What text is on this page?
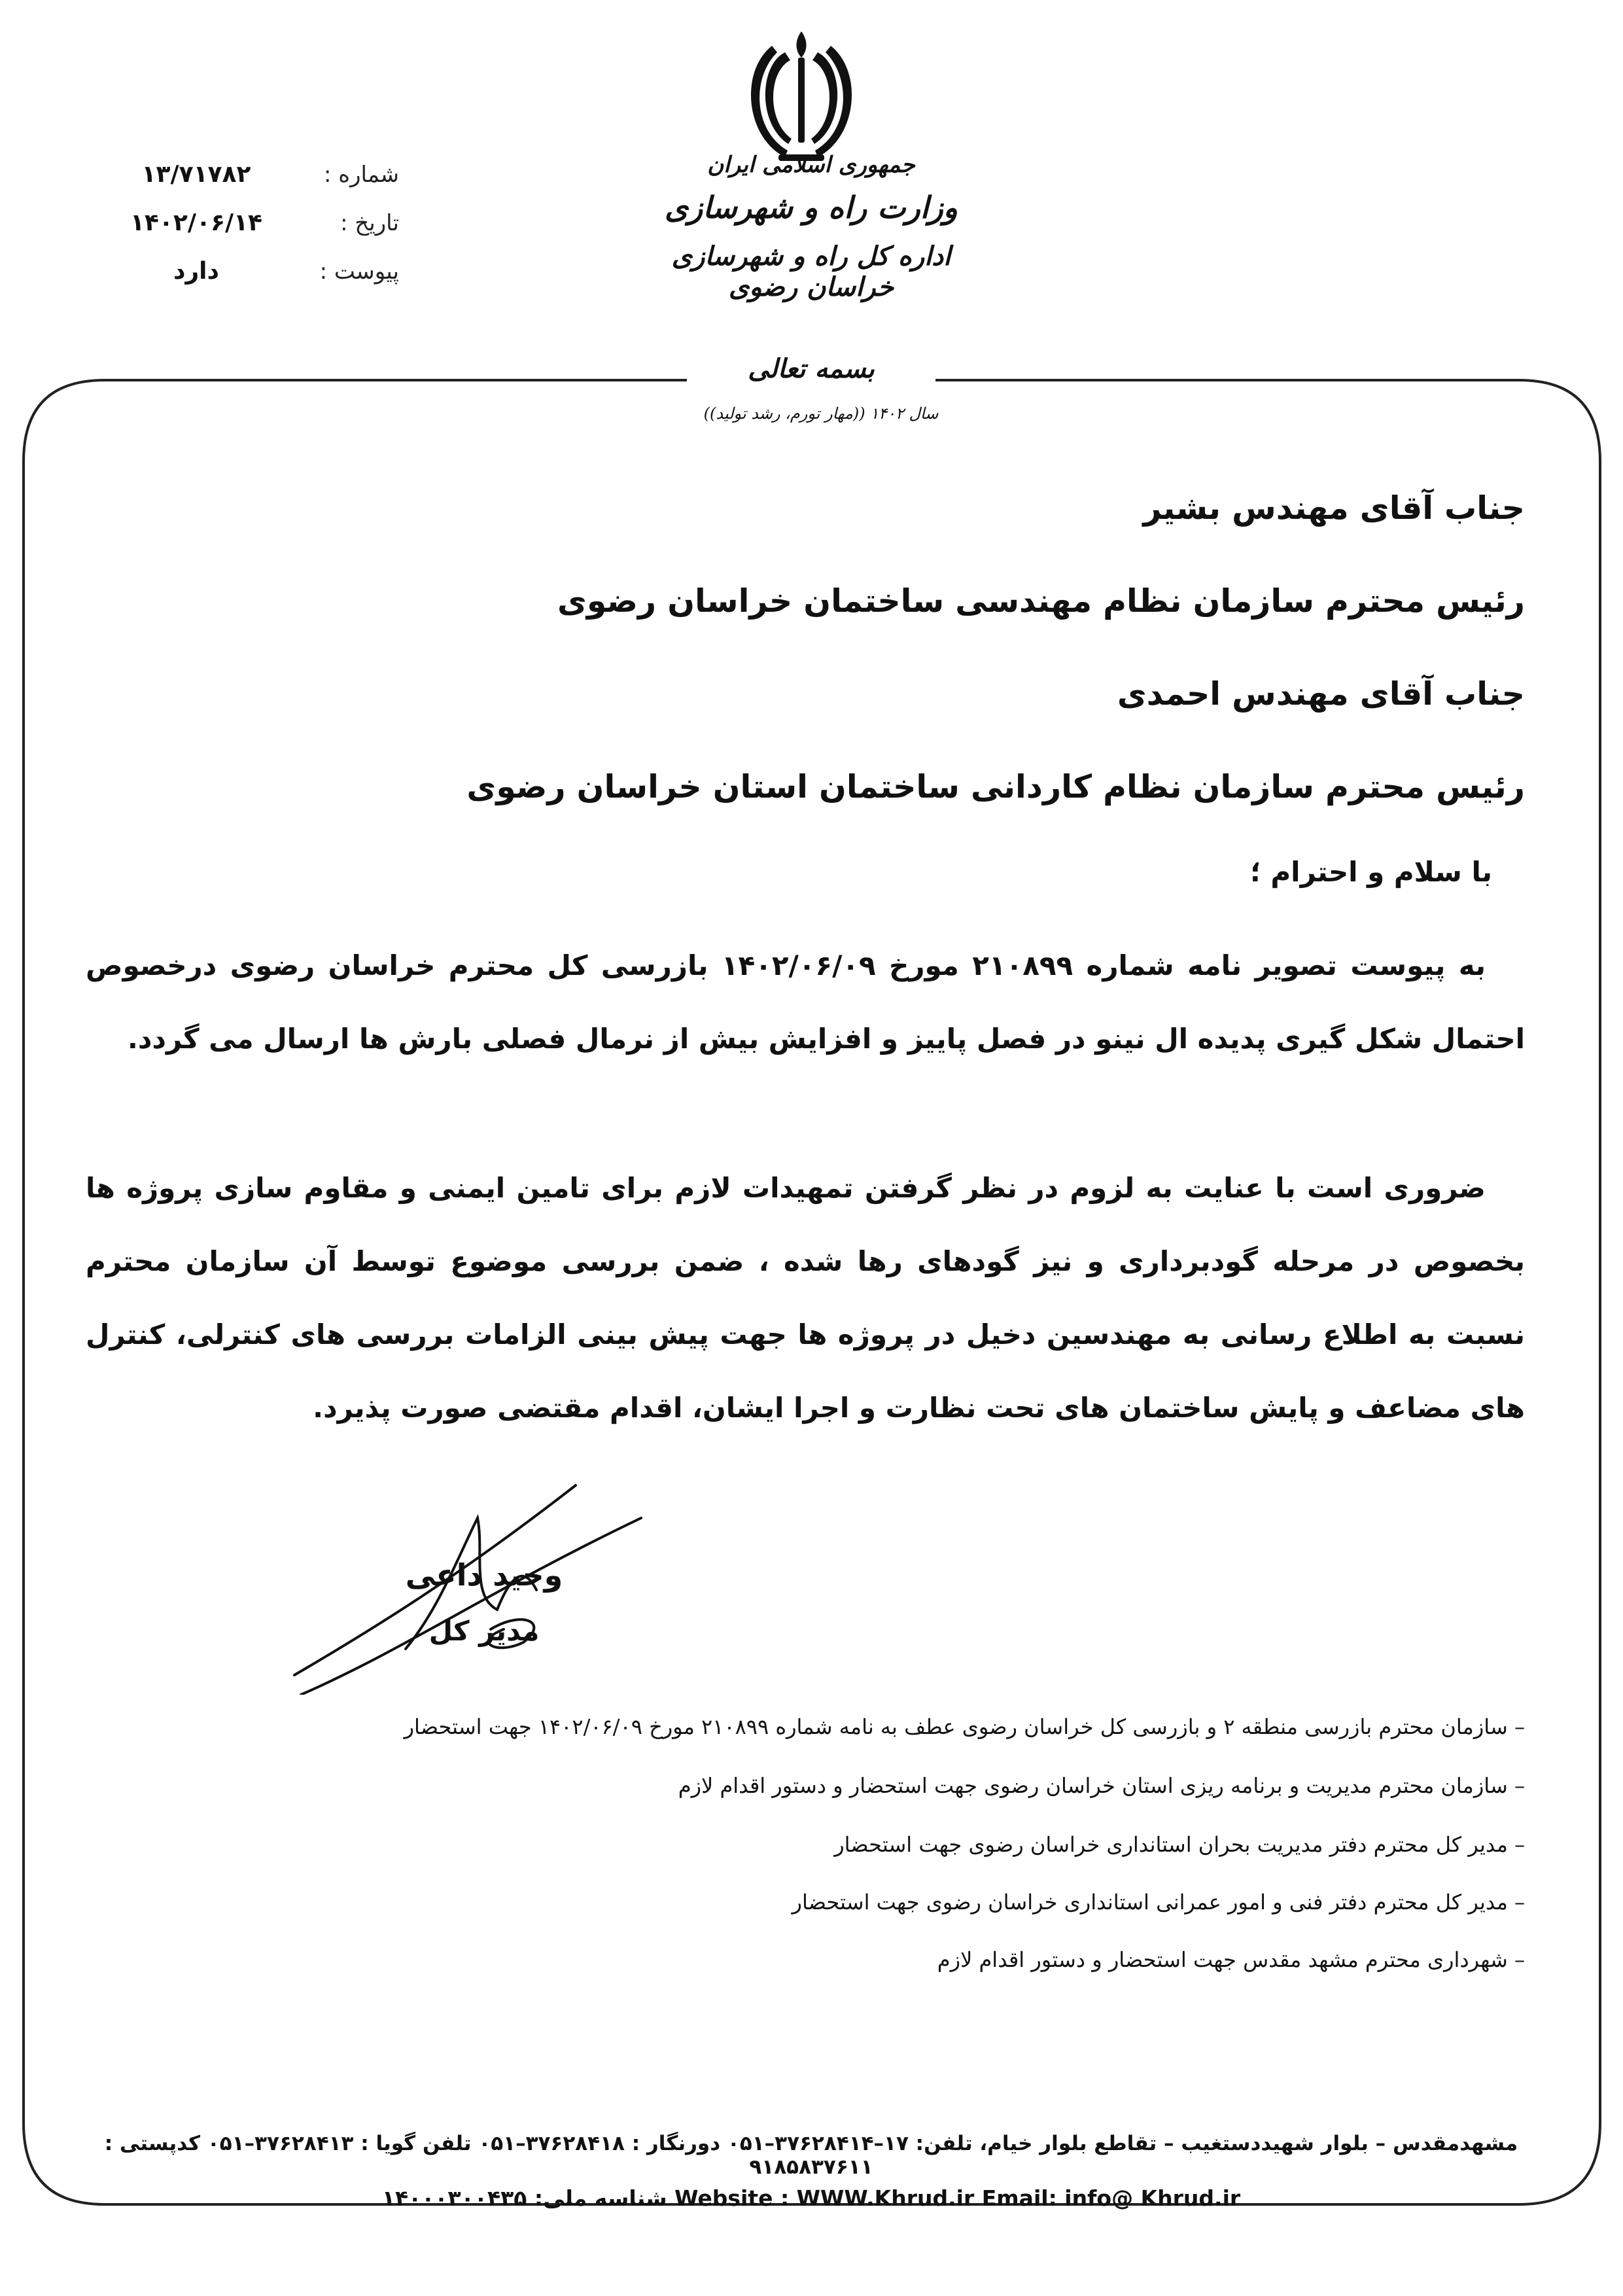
شماره :
۱۳/۷۱۷۸۲
تاریخ :
۱۴۰۲/۰۶/۱۴
پیوست :
دارد
جمهوری اسلامی ایران
وزارت راه و شهرسازی
اداره کل راه و شهرسازی خراسان رضوی
بسمه تعالی
سال ۱۴۰۲ ((مهار تورم، رشد تولید))
جناب آقای مهندس بشیر
رئیس محترم سازمان نظام مهندسی ساختمان خراسان رضوی
جناب آقای مهندس احمدی
رئیس محترم سازمان نظام کاردانی ساختمان استان خراسان رضوی
با سلام و احترام ؛
به پیوست تصویر نامه شماره ۲۱۰۸۹۹ مورخ ۱۴۰۲/۰۶/۰۹ بازرسی کل محترم خراسان رضوی درخصوص احتمال شکل گیری پدیده ال نینو در فصل پاییز و افزایش بیش از نرمال فصلی بارش ها ارسال می گردد.
ضروری است با عنایت به لزوم در نظر گرفتن تمهیدات لازم برای تامین ایمنی و مقاوم سازی پروژه ها بخصوص در مرحله گودبرداری و نیز گودهای رها شده ، ضمن بررسی موضوع توسط آن سازمان محترم نسبت به اطلاع رسانی به مهندسین دخیل در پروژه ها جهت پیش بینی الزامات بررسی های کنترلی، کنترل های مضاعف و پایش ساختمان های تحت نظارت و اجرا ایشان، اقدام مقتضی صورت پذیرد.
وحید داعی
مدیر کل
– سازمان محترم بازرسی منطقه ۲ و بازرسی کل خراسان رضوی عطف به نامه شماره ۲۱۰۸۹۹ مورخ ۱۴۰۲/۰۶/۰۹ جهت استحضار
– سازمان محترم مدیریت و برنامه ریزی استان خراسان رضوی جهت استحضار و دستور اقدام لازم
– مدیر کل محترم دفتر مدیریت بحران استانداری خراسان رضوی جهت استحضار
– مدیر کل محترم دفتر فنی و امور عمرانی استانداری خراسان رضوی جهت استحضار
– شهرداری محترم مشهد مقدس جهت استحضار و دستور اقدام لازم
مشهدمقدس – بلوار شهیددستغیب – تقاطع بلوار خیام، تلفن: ۱۷–۳۷۶۲۸۴۱۴–۰۵۱ دورنگار : ۳۷۶۲۸۴۱۸–۰۵۱ تلفن گویا : ۳۷۶۲۸۴۱۳–۰۵۱ کدپستی : ۹۱۸۵۸۳۷۶۱۱
Website : WWW.Khrud.ir Email: info@ Khrud.ir شناسه ملی: ۱۴۰۰۰۳۰۰۴۳۵
